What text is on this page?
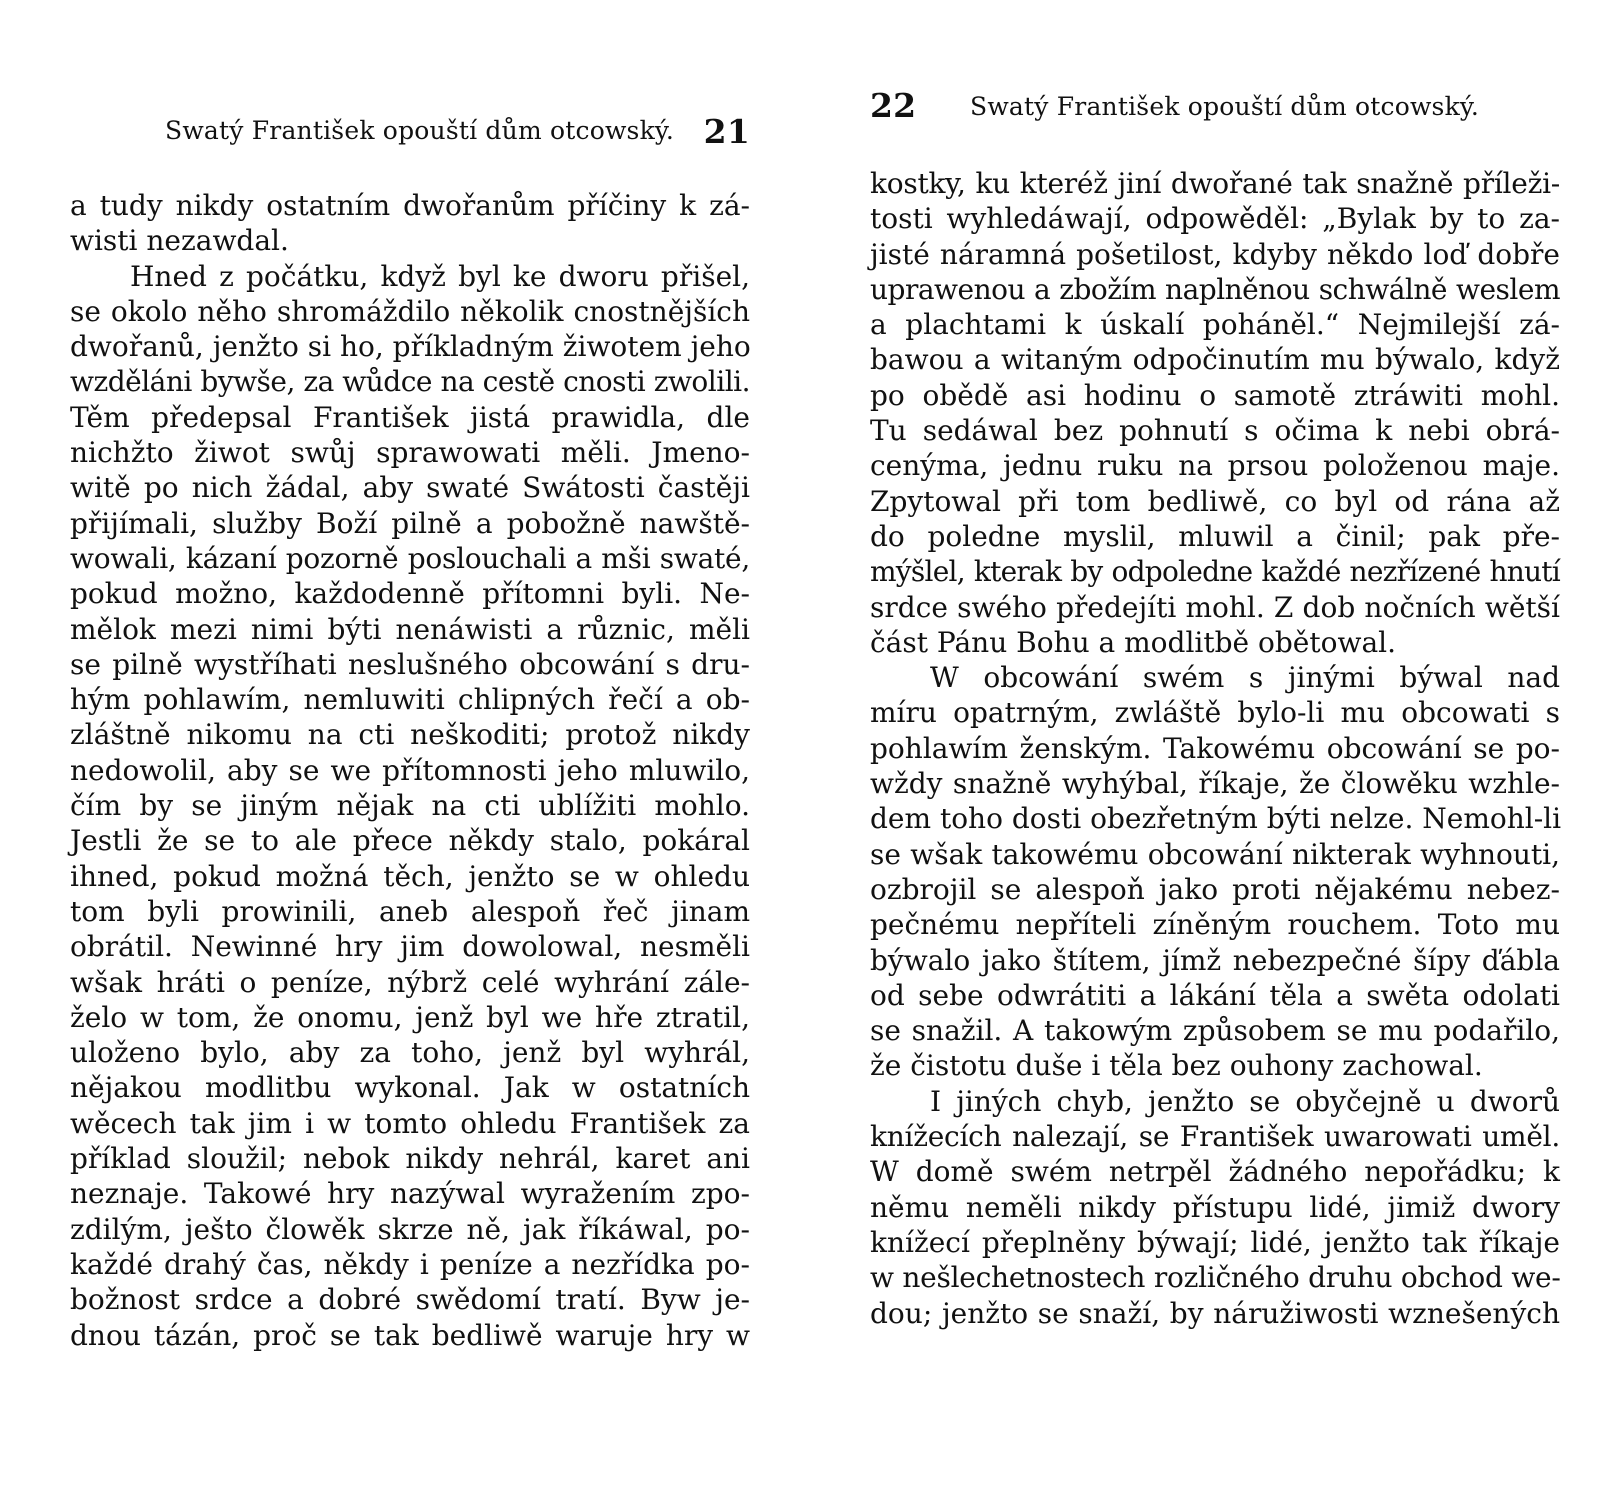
Swatý František opouští dům otcowský. 21
a tudy nikdy ostatním dwořanům příčiny k zá-
wisti nezawdal.
Hned z počátku, když byl ke dworu přišel,
se okolo něho shromáždilo několik cnostnějších
dwořanů, jenžto si ho, příkladným žiwotem jeho
wzděláni bywše, za wůdce na cestě cnosti zwolili.
Těm předepsal František jistá prawidla, dle
nichžto žiwot swůj sprawowati měli. Jmeno-
witě po nich žádal, aby swaté Swátosti častěji
přijímali, služby Boží pilně a pobožně nawště-
wowali, kázaní pozorně poslouchali a mši swaté,
pokud možno, každodenně přítomni byli. Ne-
mělok mezi nimi býti nenáwisti a různic, měli
se pilně wystříhati neslušného obcowání s dru-
hým pohlawím, nemluwiti chlipných řečí a ob-
zláštně nikomu na cti neškoditi; protož nikdy
nedowolil, aby se we přítomnosti jeho mluwilo,
čím by se jiným nějak na cti ublížiti mohlo.
Jestli že se to ale přece někdy stalo, pokáral
ihned, pokud možná těch, jenžto se w ohledu
tom byli prowinili, aneb alespoň řeč jinam
obrátil. Newinné hry jim dowolowal, nesměli
wšak hráti o peníze, nýbrž celé wyhrání zále-
želo w tom, že onomu, jenž byl we hře ztratil,
uloženo bylo, aby za toho, jenž byl wyhrál,
nějakou modlitbu wykonal. Jak w ostatních
wěcech tak jim i w tomto ohledu František za
příklad sloužil; nebok nikdy nehrál, karet ani
neznaje. Takowé hry nazýwal wyražením zpo-
zdilým, ješto člowěk skrze ně, jak říkáwal, po-
každé drahý čas, někdy i peníze a nezřídka po-
božnost srdce a dobré swědomí tratí. Byw je-
dnou tázán, proč se tak bedliwě waruje hry w
22 Swatý František opouští dům otcowský.
kostky, ku kteréž jiní dwořané tak snažně příleži-
tosti wyhledáwají, odpowěděl: „Bylak by to za-
jisté náramná pošetilost, kdyby někdo loď dobře
uprawenou a zbožím naplněnou schwálně weslem
a plachtami k úskalí poháněl.“ Nejmilejší zá-
bawou a witaným odpočinutím mu býwalo, když
po obědě asi hodinu o samotě ztráwiti mohl.
Tu sedáwal bez pohnutí s očima k nebi obrá-
cenýma, jednu ruku na prsou položenou maje.
Zpytowal při tom bedliwě, co byl od rána až
do poledne myslil, mluwil a činil; pak pře-
mýšlel, kterak by odpoledne každé nezřízené hnutí
srdce swého předejíti mohl. Z dob nočních wětší
část Pánu Bohu a modlitbě obětowal.
W obcowání swém s jinými býwal nad
míru opatrným, zwláště bylo-li mu obcowati s
pohlawím ženským. Takowému obcowání se po-
wždy snažně wyhýbal, říkaje, že člowěku wzhle-
dem toho dosti obezřetným býti nelze. Nemohl-li
se wšak takowému obcowání nikterak wyhnouti,
ozbrojil se alespoň jako proti nějakému nebez-
pečnému nepříteli zíněným rouchem. Toto mu
býwalo jako štítem, jímž nebezpečné šípy ďábla
od sebe odwrátiti a lákání těla a swěta odolati
se snažil. A takowým způsobem se mu podařilo,
že čistotu duše i těla bez ouhony zachowal.
I jiných chyb, jenžto se obyčejně u dworů
knížecích nalezají, se František uwarowati uměl.
W domě swém netrpěl žádného nepořádku; k
němu neměli nikdy přístupu lidé, jimiž dwory
knížecí přeplněny býwají; lidé, jenžto tak říkaje
w nešlechetnostech rozličného druhu obchod we-
dou; jenžto se snaží, by náružiwosti wznešených
